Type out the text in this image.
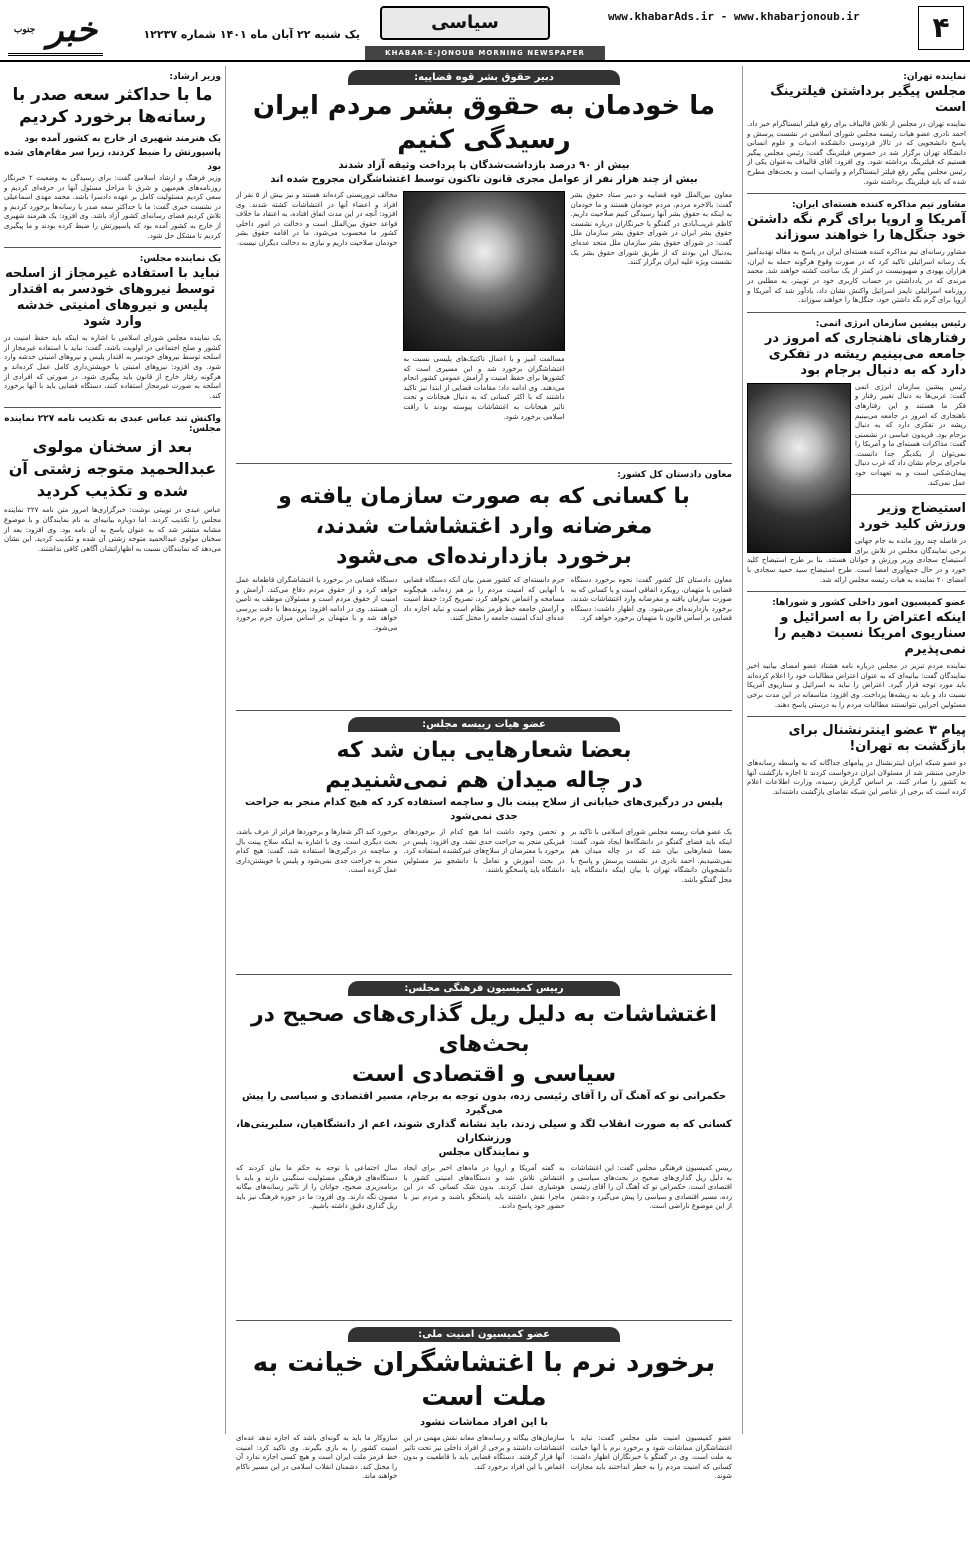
۴
www.khabarAds.ir - www.khabarjonoub.ir
سیاسی
یک شنبه ۲۲ آبان ماه ۱۴۰۱ شماره ۱۲۲۳۷
خبر جنوب
KHABAR-E-JONOUB MORNING NEWSPAPER
نماینده تهران:
مجلس پیگیر برداشتن فیلترینگ است
نماینده تهران در مجلس از تلاش قالیباف برای رفع فیلتر اینستاگرام خبر داد. احمد نادری عضو هیات رئیسه مجلس شورای اسلامی در نشست پرسش و پاسخ دانشجویی که در تالار فردوسی دانشکده ادبیات و علوم انسانی دانشگاه تهران برگزار شد در خصوص فیلترینگ گفت: رئیس مجلس پیگیر هستیم که فیلترینگ برداشته شود. وی افزود: آقای قالیباف به‌عنوان یکی از رئیس مجلس پیگیر رفع فیلتر اینستاگرام و واتساپ است و بحث‌های مطرح شده که باید فیلترینگ برداشته شود.
مشاور تیم مذاکره کننده هسته‌ای ایران:
آمریکا و اروپا برای گرم نگه داشتن خود جنگل‌ها را خواهند سوزاند
مشاور رسانه‌ای تیم مذاکره کننده هسته‌ای ایران در پاسخ به مقاله تهدیدآمیز یک رسانه اسرائیلی تاکید کرد که در صورت وقوع هرگونه حمله به ایران، هزاران یهودی و صهیونیست در کمتر از یک ساعت کشته خواهند شد. محمد مرندی که در یادداشتی در حساب کاربری خود در توییتر، به مطلبی در روزنامه اسرائیلی تایمز اسرائیل واکنش نشان داد، یادآور شد که آمریکا و اروپا برای گرم نگه داشتن خود، جنگل‌ها را خواهند سوزاند.
رئیس پیشین سازمان انرژی اتمی:
رفتارهای ناهنجاری که امروز در جامعه می‌بینیم ریشه در تفکری دارد که به دنبال برجام بود
رئیس پیشین سازمان انرژی اتمی گفت: غربی‌ها به دنبال تغییر رفتار و فکر ما هستند و این رفتارهای ناهنجاری که امروز در جامعه می‌بینیم ریشه در تفکری دارد که به دنبال برجام بود. فریدون عباسی در نشستی گفت: مذاکرات هسته‌ای ما و آمریکا را نمی‌توان از یکدیگر جدا دانست. ماجرای برجام نشان داد که غرب دنبال پیمان‌شکنی است و به تعهدات خود عمل نمی‌کند.
استیضاح وزیر ورزش کلید خورد
در فاصله چند روز مانده به جام جهانی برخی نمایندگان مجلس در تلاش برای استیضاح سجادی وزیر ورزش و جوانان هستند. بنا بر طرح استیضاح کلید خورد و در حال جمع‌آوری امضا است. طرح استیضاح سید حمید سجادی با امضای ۲۰ نماینده به هیات رئیسه مجلس ارائه شد.
عضو کمیسیون امور داخلی کشور و شوراها:
اینکه اعتراض را به اسرائیل و سناریوی امریکا نسبت دهیم را نمی‌پذیرم
نماینده مردم تبریز در مجلس درباره نامه هشتاد عضو امضای بیانیه اخیر نمایندگان گفت: بیانیه‌ای که به عنوان اعتراض مطالبات خود را اعلام کرده‌اند باید مورد توجه قرار گیرد. اعتراض را نباید به اسرائیل و سناریوی آمریکا نسبت داد و باید به ریشه‌ها پرداخت. وی افزود: متاسفانه در این مدت برخی مسئولین اجرایی نتوانستند مطالبات مردم را به درستی پاسخ دهند.
پیام ۳ عضو اینترنشنال برای بازگشت به تهران!
دو عضو شبکه ایران اینترنشنال در پیامهای جداگانه که به واسطه رسانه‌های خارجی منتشر شد از مسئولان ایران درخواست کردند تا اجازه بازگشت آنها به کشور را صادر کنند. بر اساس گزارش رسیده، وزارت اطلاعات اعلام کرده است که برخی از عناصر این شبکه تقاضای بازگشت داشته‌اند.
دبیر حقوق بشر قوه قضاییه:
ما خودمان به حقوق بشر مردم ایران رسیدگی کنیم
بیش از ۹۰ درصد بازداشت‌شدگان با پرداخت وثیقه آزاد شدند
بیش از چند هزار نفر از عوامل مجری قانون تاکنون توسط اغتشاشگران مجروح شده اند
معاون بین‌الملل قوه قضاییه و دبیر ستاد حقوق بشر گفت: بالاخره مردم، مردم خودمان هستند و ما خودمان به اینکه به حقوق بشر آنها رسیدگی کنیم صلاحیت داریم. کاظم غریب‌آبادی در گفتگو با خبرنگاران درباره نشست حقوق بشر ایران در شورای حقوق بشر سازمان ملل گفت: در شورای حقوق بشر سازمان ملل متحد عده‌ای به‌دنبال این بودند که از طریق شورای حقوق بشر یک نشست ویژه علیه ایران برگزار کنند.
مسالمت آمیز و با اعمال تاکتیک‌های پلیسی نسبت به اغتشاشگران برخورد شد و این مسیری است که کشورها برای حفظ امنیت و آرامش عمومی کشور انجام می‌دهند. وی ادامه داد: مقامات قضایی از ابتدا نیز تاکید داشتند که با اکثر کسانی که به دنبال هیجانات و تحت تاثیر هیجانات به اغتشاشات پیوسته بودند با رافت اسلامی برخورد شود.
مخالف تروریستی کرده‌اند هستند و نیز بیش از ۵ نفر از افراد و اعضاء آنها در اغتشاشات کشته شدند. وی افزود: آنچه در این مدت اتفاق افتاده، به اعتقاد ما خلاف قواعد حقوق بین‌الملل است و دخالت در امور داخلی کشور ما محسوب می‌شود. ما در اقامه حقوق بشر خودمان صلاحیت داریم و نیازی به دخالت دیگران نیست.
معاون دادستان کل کشور:
با کسانی که به صورت سازمان یافته و مغرضانه وارد اغتشاشات شدند،
برخورد بازدارنده‌ای می‌شود
معاون دادستان کل کشور گفت: نحوه برخورد دستگاه قضایی با متهمان، رویکرد اتفاقی است و با کسانی که به صورت سازمان یافته و مغرضانه وارد اغتشاشات شدند، برخورد بازدارنده‌ای می‌شود. وی اظهار داشت: دستگاه قضایی بر اساس قانون با متهمان برخورد خواهد کرد.
جرم دانسته‌ای که کشور ضمن بیان آنکه دستگاه قضایی با آنهایی که امنیت مردم را بر هم زده‌اند، هیچگونه مسامحه و اغماض نخواهد کرد، تصریح کرد: حفظ امنیت و آرامش جامعه خط قرمز نظام است و نباید اجازه داد عده‌ای اندک امنیت جامعه را مختل کنند.
دستگاه قضایی در برخورد با اغتشاشگران قاطعانه عمل خواهد کرد و از حقوق مردم دفاع می‌کند. آرامش و امنیت از حقوق مردم است و مسئولان موظف به تامین آن هستند. وی در ادامه افزود: پرونده‌ها با دقت بررسی خواهد شد و با متهمان بر اساس میزان جرم برخورد می‌شود.
عضو هیات رییسه مجلس:
بعضا شعارهایی بیان شد که
در چاله میدان هم نمی‌شنیدیم
پلیس در درگیری‌های خیابانی از سلاح پینت بال و ساچمه استفاده کرد که هیچ کدام منجر به جراحت جدی نمی‌شود
یک عضو هیات رییسه مجلس شورای اسلامی با تاکید بر اینکه باید فضای گفتگو در دانشگاه‌ها ایجاد شود، گفت: بعضا شعارهایی بیان شد که در چاله میدان هم نمی‌شنیدیم. احمد نادری در نشست پرسش و پاسخ با دانشجویان دانشگاه تهران با بیان اینکه دانشگاه باید محل گفتگو باشد.
و تحصن وجود داشت اما هیچ کدام از برخوردهای فیزیکی منجر به جراحت جدی نشد. وی افزود: پلیس در برخورد با معترضان از سلاح‌های غیرکشنده استفاده کرد. در بحث آموزش و تعامل با دانشجو نیز مسئولین دانشگاه باید پاسخگو باشند.
برخورد کند اگر شعارها و برخوردها فراتر از عرف باشد، بحث دیگری است. وی با اشاره به اینکه سلاح پینت بال و ساچمه در درگیری‌ها استفاده شد، گفت: هیچ کدام منجر به جراحت جدی نمی‌شود و پلیس با خویشتن‌داری عمل کرده است.
رییس کمیسیون فرهنگی مجلس:
اغتشاشات به دلیل ریل گذاری‌های صحیح در بحث‌های
سیاسی و اقتصادی است
حکمرانی نو که آهنگ آن را آقای رئیسی زده، بدون توجه به برجام، مسیر اقتصادی و سیاسی را پیش می‌گیرد
کسانی که به صورت انقلاب لگد و سیلی زدند، باید نشانه گذاری شوند، اعم از دانشگاهیان، سلبریتی‌ها، ورزشکاران
و نمایندگان مجلس
رییس کمیسیون فرهنگی مجلس گفت: این اغتشاشات به دلیل ریل گذاری‌های صحیح در بحث‌های سیاسی و اقتصادی است. حکمرانی نو که آهنگ آن را آقای رئیسی زده، مسیر اقتصادی و سیاسی را پیش می‌گیرد و دشمن از این موضوع ناراضی است.
به گفته آمریکا و اروپا در ماه‌های اخیر برای ایجاد اغتشاش تلاش شد و دستگاه‌های امنیتی کشور با هوشیاری عمل کردند. بدون شک کسانی که در این ماجرا نقش داشتند باید پاسخگو باشند و مردم نیز با حضور خود پاسخ دادند.
سال اجتماعی با توجه به حکم ما بیان کردند که دستگاه‌های فرهنگی مسئولیت سنگینی دارند و باید با برنامه‌ریزی صحیح، جوانان را از تاثیر رسانه‌های بیگانه مصون نگه دارند. وی افزود: ما در حوزه فرهنگ نیز باید ریل گذاری دقیق داشته باشیم.
عضو کمیسیون امنیت ملی:
برخورد نرم با اغتشاشگران خیانت به ملت است
با این افراد مماشات نشود
عضو کمیسیون امنیت ملی مجلس گفت: نباید با اغتشاشگران مماشات شود و برخورد نرم با آنها خیانت به ملت است. وی در گفتگو با خبرنگاران اظهار داشت: کسانی که امنیت مردم را به خطر انداختند باید مجازات شوند.
سازمان‌های بیگانه و رسانه‌های معاند نقش مهمی در این اغتشاشات داشتند و برخی از افراد داخلی نیز تحت تاثیر آنها قرار گرفتند. دستگاه قضایی باید با قاطعیت و بدون اغماض با این افراد برخورد کند.
سازوکار ما باید به گونه‌ای باشد که اجازه ندهد عده‌ای امنیت کشور را به بازی بگیرند. وی تاکید کرد: امنیت خط قرمز ملت ایران است و هیچ کسی اجازه ندارد آن را مختل کند. دشمنان انقلاب اسلامی در این مسیر ناکام خواهند ماند.
وزیر ارشاد:
ما با حداکثر سعه صدر با رسانه‌ها برخورد کردیم
یک هنرمند شهیری از خارج به کشور آمده بود پاسپورتش را ضبط کردند، زیرا سر مقام‌های شده بود
وزیر فرهنگ و ارشاد اسلامی گفت: برای رسیدگی به وضعیت ۲ خبرنگار روزنامه‌های هم‌میهن و شرق تا مراحل مسئول آنها در حرفه‌ای کردیم و سعی کردیم مسئولیت کامل بر عهده دادسرا باشد. محمد مهدی اسماعیلی در نشست خبری گفت: ما با حداکثر سعه صدر با رسانه‌ها برخورد کردیم و تلاش کردیم فضای رسانه‌ای کشور آزاد باشد. وی افزود: یک هنرمند شهیری از خارج به کشور آمده بود که پاسپورتش را ضبط کرده بودند و ما پیگیری کردیم تا مشکل حل شود.
یک نماینده مجلس:
نباید با استفاده غیرمجاز از اسلحه توسط نیروهای خودسر به اقتدار پلیس و نیروهای امنیتی خدشه وارد شود
یک نماینده مجلس شورای اسلامی با اشاره به اینکه باید حفظ امنیت در کشور و صلح اجتماعی در اولویت باشد، گفت: نباید با استفاده غیرمجاز از اسلحه توسط نیروهای خودسر به اقتدار پلیس و نیروهای امنیتی خدشه وارد شود. وی افزود: نیروهای امنیتی با خویشتن‌داری کامل عمل کرده‌اند و هرگونه رفتار خارج از قانون باید پیگیری شود. در صورتی که افرادی از اسلحه به صورت غیرمجاز استفاده کنند، دستگاه قضایی باید با آنها برخورد کند.
واکنش تند عباس عبدی به تکذیب نامه ۲۲۷ نماینده مجلس:
بعد از سخنان مولوی عبدالحمید متوجه زشتی آن شده و تکذیب کردید
عباس عبدی در توییتی نوشت: خبرگزاری‌ها امروز متن نامه ۲۲۷ نماینده مجلس را تکذیب کردند. اما دوباره بیانیه‌ای به نام نمایندگان و با موضوع مشابه منتشر شد که به عنوان پاسخ به آن نامه بود. وی افزود: بعد از سخنان مولوی عبدالحمید متوجه زشتی آن شده و تکذیب کردید. این نشان می‌دهد که نمایندگان نسبت به اظهاراتشان آگاهی کافی نداشتند.
